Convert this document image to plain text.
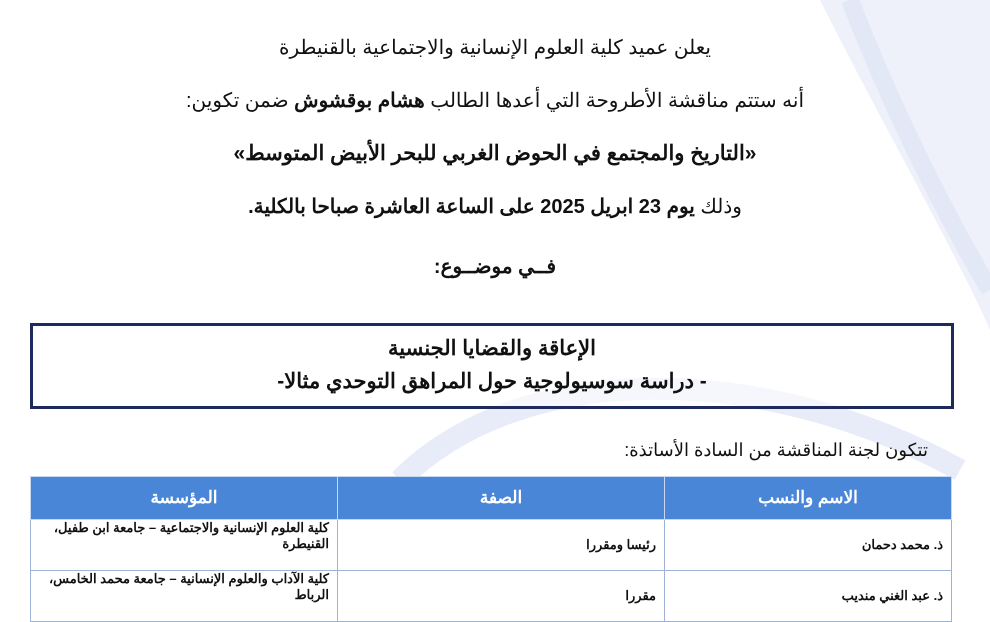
يعلن عميد كلية العلوم الإنسانية والاجتماعية بالقنيطرة
أنه ستتم مناقشة الأطروحة التي أعدها الطالب هشام بوقشوش ضمن تكوين:
«التاريخ والمجتمع في الحوض الغربي للبحر الأبيض المتوسط»
وذلك يوم 23 ابريل 2025 على الساعة العاشرة صباحا بالكلية.
فــي موضــوع:
الإعاقة والقضايا الجنسية
- دراسة سوسيولوجية حول المراهق التوحدي مثالا-
تتكون لجنة المناقشة من السادة الأساتذة:
الاسم والنسب	الصفة	المؤسسة
ذ. محمد دحمان	رئيسا ومقررا	كلية العلوم الإنسانية والاجتماعية – جامعة ابن طفيل، القنيطرة
ذ. عبد الغني منديب	مقررا	كلية الآداب والعلوم الإنسانية – جامعة محمد الخامس، الرباط
